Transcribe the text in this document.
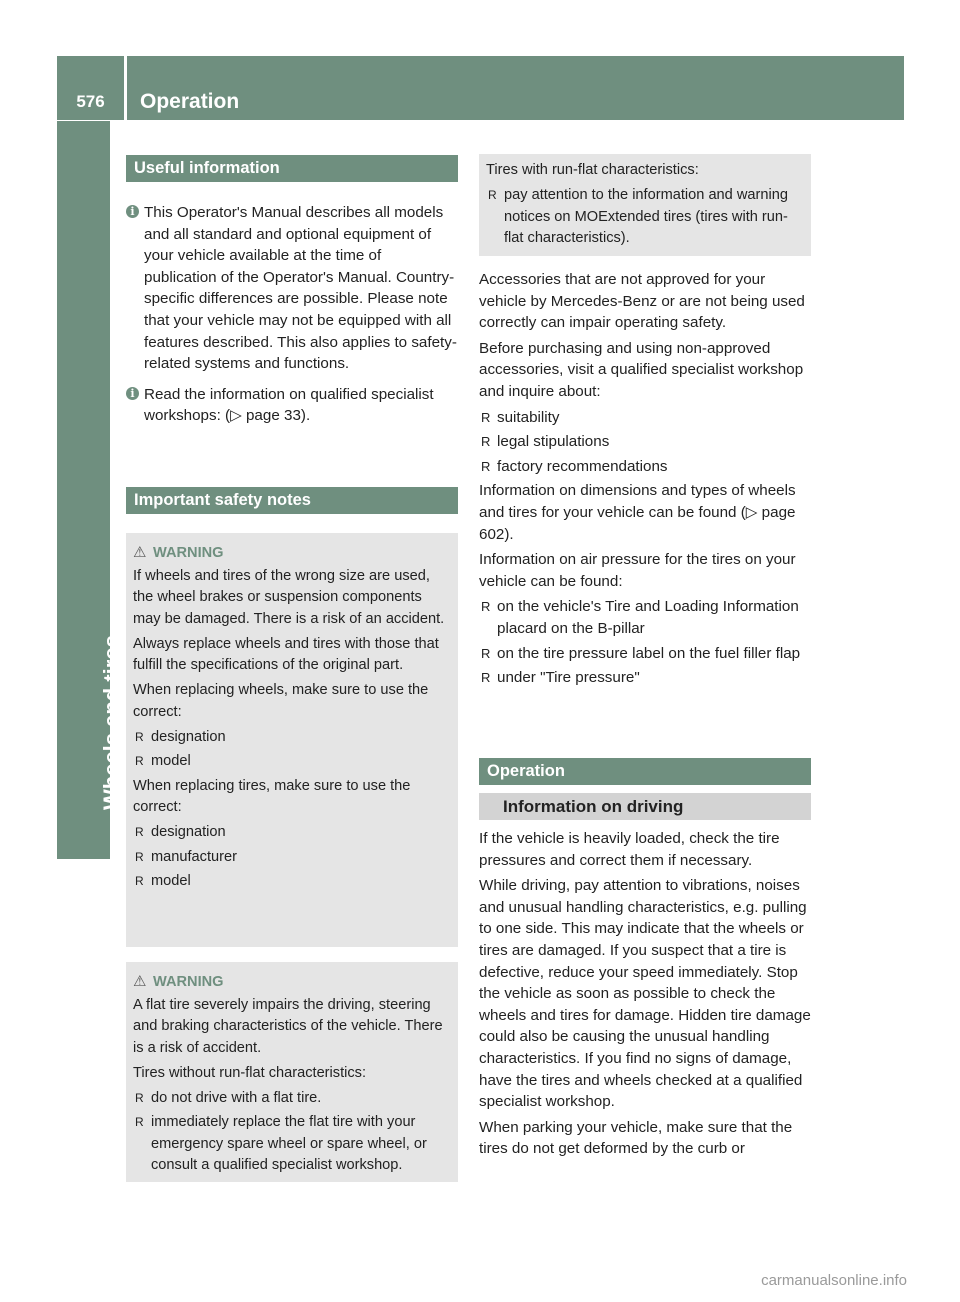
576	Operation
Wheels and tires
Useful information
i This Operator's Manual describes all models and all standard and optional equipment of your vehicle available at the time of publication of the Operator's Manual. Country-specific differences are possible. Please note that your vehicle may not be equipped with all features described. This also applies to safety-related systems and functions.
i Read the information on qualified specialist workshops: (▷ page 33).
Important safety notes
⚠ WARNING

If wheels and tires of the wrong size are used, the wheel brakes or suspension components may be damaged. There is a risk of an accident.

Always replace wheels and tires with those that fulfill the specifications of the original part.

When replacing wheels, make sure to use the correct:

R designation
R model

When replacing tires, make sure to use the correct:

R designation
R manufacturer
R model
⚠ WARNING

A flat tire severely impairs the driving, steering and braking characteristics of the vehicle. There is a risk of accident.

Tires without run-flat characteristics:

R do not drive with a flat tire.
R immediately replace the flat tire with your emergency spare wheel or spare wheel, or consult a qualified specialist workshop.

Tires with run-flat characteristics:

R pay attention to the information and warning notices on MOExtended tires (tires with run-flat characteristics).

Accessories that are not approved for your vehicle by Mercedes-Benz or are not being used correctly can impair operating safety.

Before purchasing and using non-approved accessories, visit a qualified specialist workshop and inquire about:

R suitability
R legal stipulations
R factory recommendations

Information on dimensions and types of wheels and tires for your vehicle can be found (▷ page 602).

Information on air pressure for the tires on your vehicle can be found:

R on the vehicle's Tire and Loading Information placard on the B-pillar
R on the tire pressure label on the fuel filler flap
R under "Tire pressure"
Operation
Information on driving

If the vehicle is heavily loaded, check the tire pressures and correct them if necessary.

While driving, pay attention to vibrations, noises and unusual handling characteristics, e.g. pulling to one side. This may indicate that the wheels or tires are damaged. If you suspect that a tire is defective, reduce your speed immediately. Stop the vehicle as soon as possible to check the wheels and tires for damage. Hidden tire damage could also be causing the unusual handling characteristics. If you find no signs of damage, have the tires and wheels checked at a qualified specialist workshop.

When parking your vehicle, make sure that the tires do not get deformed by the curb or

carmanualsonline.info
